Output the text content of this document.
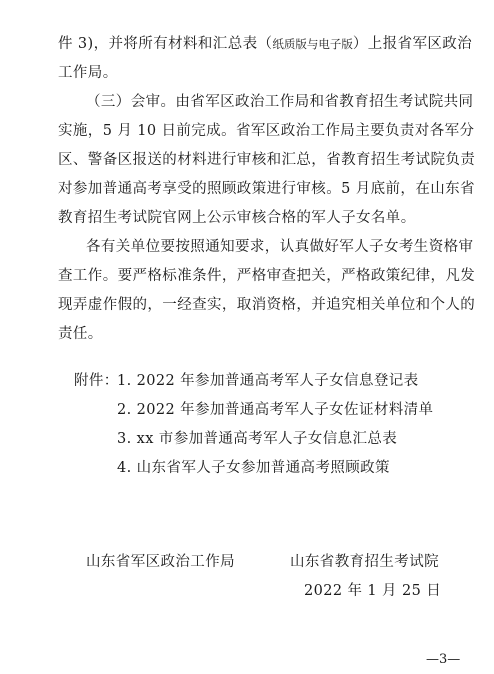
件 3)，并将所有材料和汇总表（纸质版与电子版）上报省军区政治
工作局。
（三）会审。由省军区政治工作局和省教育招生考试院共同
实施，5 月 10 日前完成。省军区政治工作局主要负责对各军分
区、警备区报送的材料进行审核和汇总，省教育招生考试院负责
对参加普通高考享受的照顾政策进行审核。5 月底前，在山东省
教育招生考试院官网上公示审核合格的军人子女名单。
各有关单位要按照通知要求，认真做好军人子女考生资格审
查工作。要严格标准条件，严格审查把关，严格政策纪律，凡发
现弄虚作假的，一经查实，取消资格，并追究相关单位和个人的
责任。
附件：
1. 2022 年参加普通高考军人子女信息登记表
2. 2022 年参加普通高考军人子女佐证材料清单
3. xx 市参加普通高考军人子女信息汇总表
4. 山东省军人子女参加普通高考照顾政策
山东省军区政治工作局	山东省教育招生考试院
2022 年 1 月 25 日
—3—
